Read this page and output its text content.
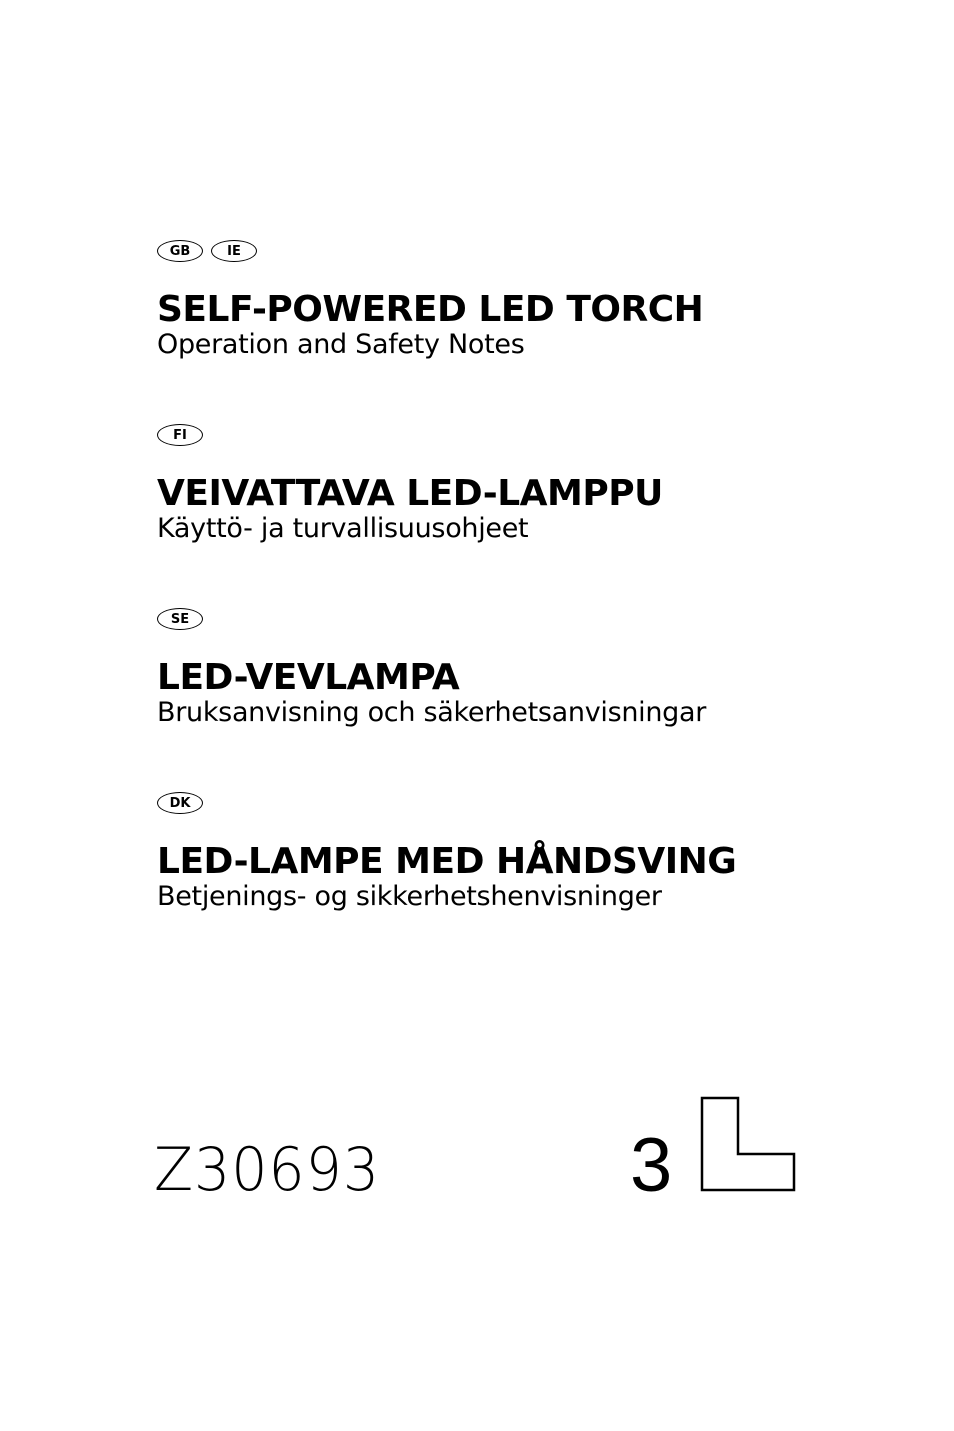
GB	IE
SELF-POWERED LED TORCH
Operation and Safety Notes
FI
VEIVATTAVA LED-LAMPPU
Käyttö- ja turvallisuusohjeet
SE
LED-VEVLAMPA
Bruksanvisning och säkerhetsanvisningar
DK
LED-LAMPE MED HÅNDSVING
Betjenings- og sikkerhetshenvisninger
Z30693	3
